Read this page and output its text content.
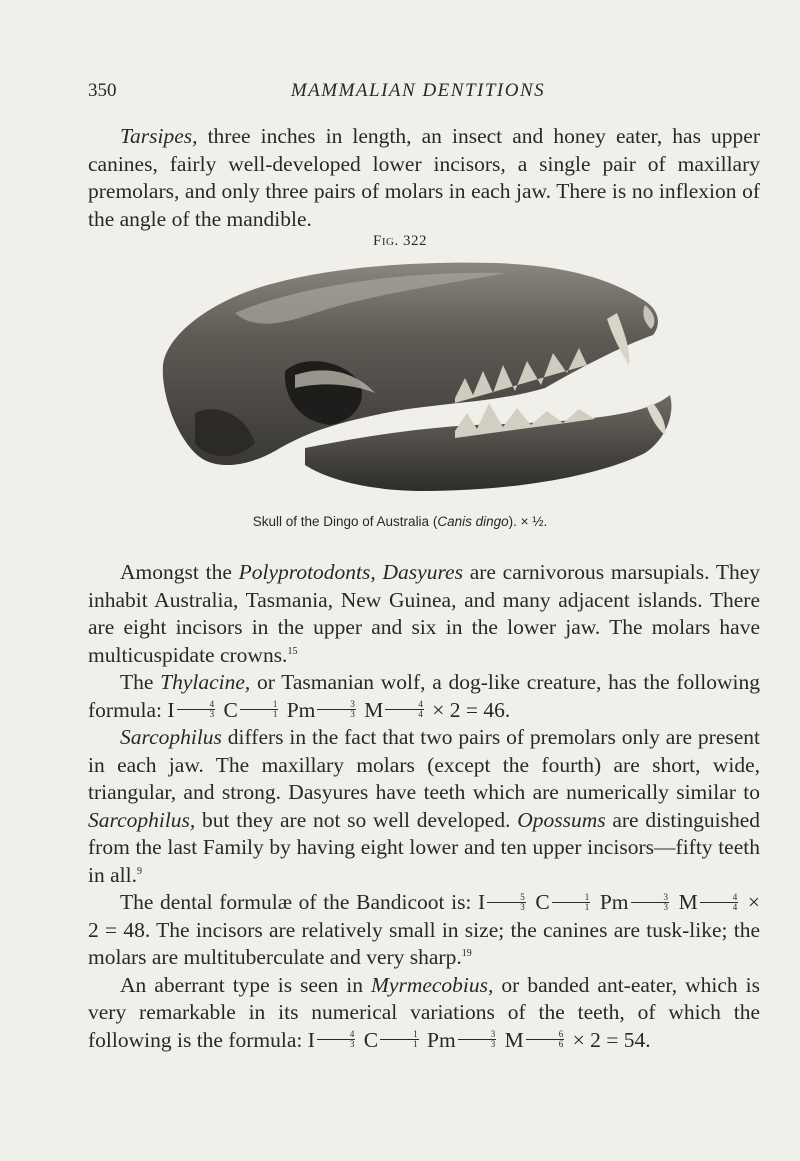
350	MAMMALIAN DENTITIONS

Tarsipes, three inches in length, an insect and honey eater, has upper canines, fairly well-developed lower incisors, a single pair of maxillary premolars, and only three pairs of molars in each jaw. There is no inflexion of the angle of the mandible.

Fig. 322
Skull of the Dingo of Australia (Canis dingo). × ½.

Amongst the Polyprotodonts, Dasyures are carnivorous marsupials. They inhabit Australia, Tasmania, New Guinea, and many adjacent islands. There are eight incisors in the upper and six in the lower jaw. The molars have multicuspidate crowns.$^{15}$

The Thylacine, or Tasmanian wolf, a dog-like creature, has the following formula: I $\frac{4}{3}$ C $\frac{1}{1}$ Pm $\frac{3}{3}$ M $\frac{4}{4} \times 2 = 46$.

Sarcophilus differs in the fact that two pairs of premolars only are present in each jaw. The maxillary molars (except the fourth) are short, wide, triangular, and strong. Dasyures have teeth which are numerically similar to Sarcophilus, but they are not so well developed. Opossums are distinguished from the last Family by having eight lower and ten upper incisors—fifty teeth in all.$^9$

The dental formulæ of the Bandicoot is: I $\frac{5}{3}$ C $\frac{1}{1}$ Pm $\frac{3}{3}$ M $\frac{4}{4} \times 2 = 48$. The incisors are relatively small in size; the canines are tusk-like; the molars are multituberculate and very sharp.$^{19}$

An aberrant type is seen in Myrmecobius, or banded ant-eater, which is very remarkable in its numerical variations of the teeth, of which the following is the formula: I $\frac{4}{3}$ C $\frac{1}{1}$ Pm $\frac{3}{3}$ M $\frac{6}{6} \times 2 = 54$.
